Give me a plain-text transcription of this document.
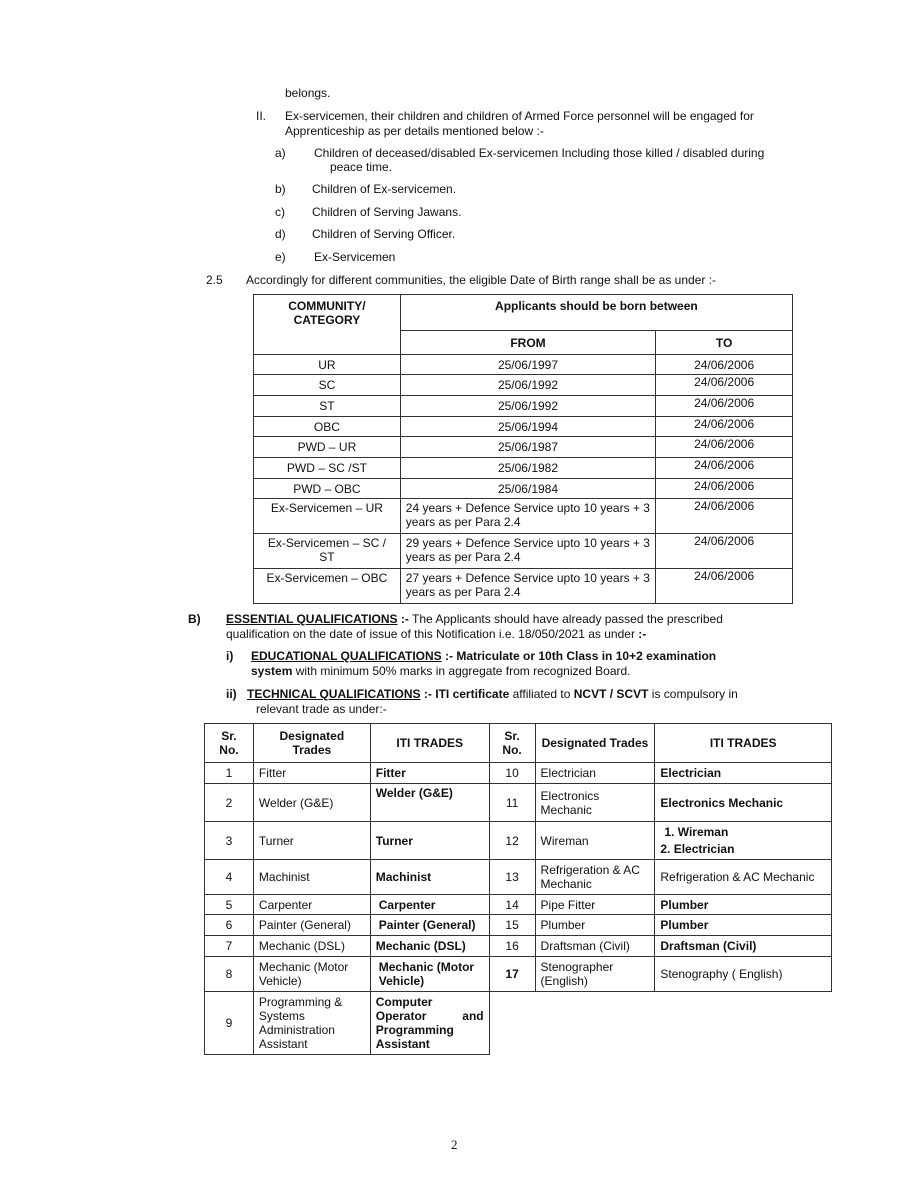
belongs.
II. Ex-servicemen, their children and children of Armed Force personnel will be engaged for
Apprenticeship as per details mentioned below :-
a) Children of deceased/disabled Ex-servicemen Including those killed / disabled during
peace time.
b) Children of Ex-servicemen.
c) Children of Serving Jawans.
d) Children of Serving Officer.
e) Ex-Servicemen
2.5 Accordingly for different communities, the eligible Date of Birth range shall be as under :-
COMMUNITY/ CATEGORY	Applicants should be born between	
	FROM	TO
UR	25/06/1997	24/06/2006
SC	25/06/1992	24/06/2006
ST	25/06/1992	24/06/2006
OBC	25/06/1994	24/06/2006
PWD – UR	25/06/1987	24/06/2006
PWD – SC /ST	25/06/1982	24/06/2006
PWD – OBC	25/06/1984	24/06/2006
Ex-Servicemen – UR	24 years + Defence Service upto 10 years + 3 years as per Para 2.4	24/06/2006
Ex-Servicemen – SC / ST	29 years + Defence Service upto 10 years + 3 years as per Para 2.4	24/06/2006
Ex-Servicemen – OBC	27 years + Defence Service upto 10 years + 3 years as per Para 2.4	24/06/2006
B) ESSENTIAL QUALIFICATIONS :- The Applicants should have already passed the prescribed
qualification on the date of issue of this Notification i.e. 18/050/2021 as under :-
i) EDUCATIONAL QUALIFICATIONS :- Matriculate or 10th Class in 10+2 examination
system with minimum 50% marks in aggregate from recognized Board.
ii) TECHNICAL QUALIFICATIONS :- ITI certificate affiliated to NCVT / SCVT is compulsory in
relevant trade as under:-
Sr. No.	Designated Trades	ITI TRADES	Sr. No.	Designated Trades	ITI TRADES
1	Fitter	Fitter	10	Electrician	Electrician
2	Welder (G&E)	Welder (G&E)	11	Electronics Mechanic	Electronics Mechanic
3	Turner	Turner	12	Wireman	1. Wireman
2. Electrician

4	Machinist	Machinist	13	Refrigeration & AC Mechanic	Refrigeration & AC Mechanic
5	Carpenter	Carpenter	14	Pipe Fitter	Plumber
6	Painter (General)	Painter (General)	15	Plumber	Plumber
7	Mechanic (DSL)	Mechanic (DSL)	16	Draftsman (Civil)	Draftsman (Civil)
8	Mechanic (Motor Vehicle)	Mechanic (Motor Vehicle)	17	Stenographer (English)	Stenography ( English)
9	Programming & Systems Administration Assistant	Computer Operator and Programming Assistant			
2
